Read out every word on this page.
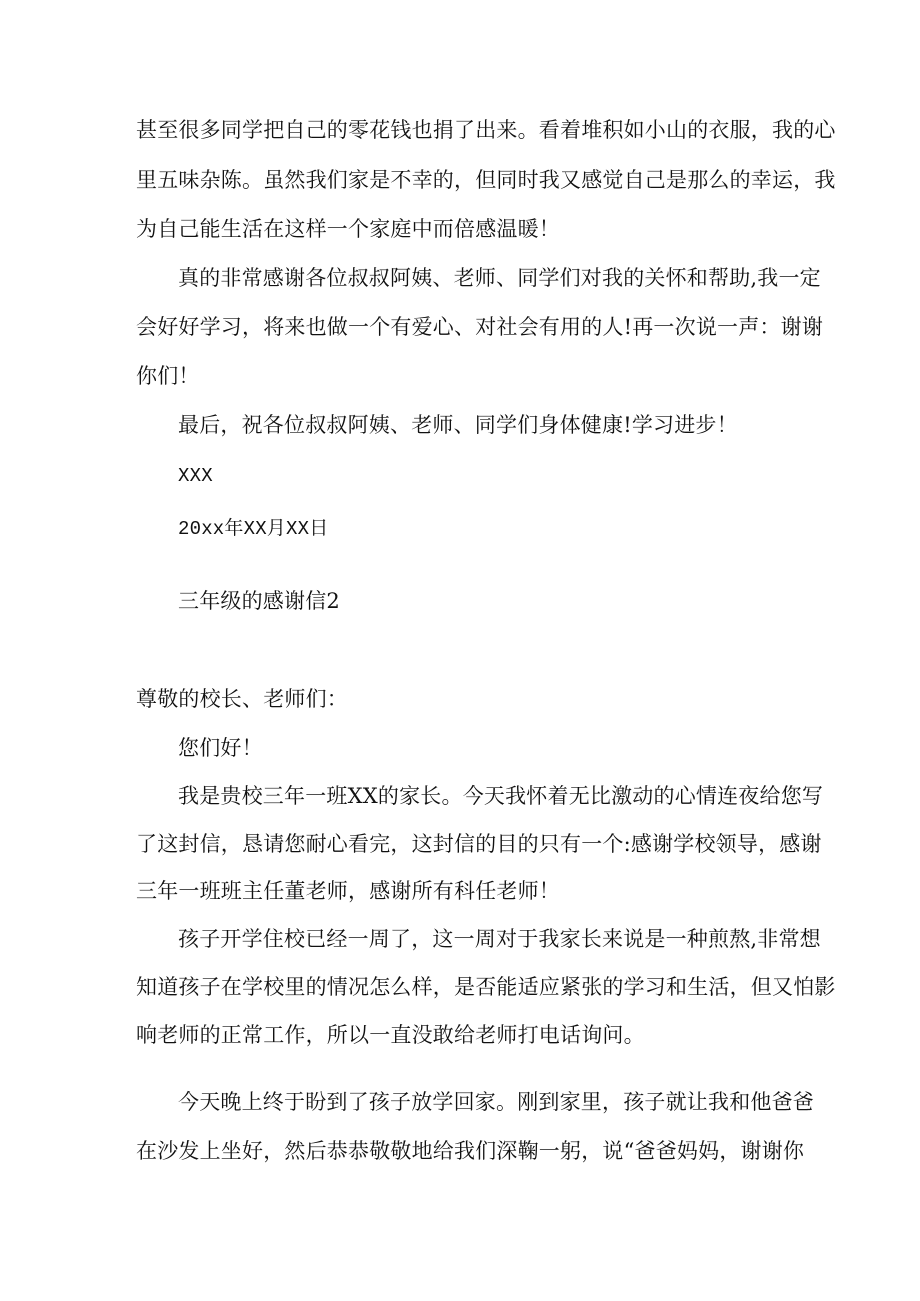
甚至很多同学把自己的零花钱也捐了出来。看着堆积如小山的衣服，我的心
里五味杂陈。虽然我们家是不幸的，但同时我又感觉自己是那么的幸运，我
为自己能生活在这样一个家庭中而倍感温暖！
真的非常感谢各位叔叔阿姨、老师、同学们对我的关怀和帮助,我一定
会好好学习，将来也做一个有爱心、对社会有用的人!再一次说一声：谢谢
你们！
最后，祝各位叔叔阿姨、老师、同学们身体健康!学习进步！
XXX
20xx年XX月XX日
三年级的感谢信2
尊敬的校长、老师们：
您们好！
我是贵校三年一班XX的家长。今天我怀着无比激动的心情连夜给您写
了这封信，恳请您耐心看完，这封信的目的只有一个:感谢学校领导，感谢
三年一班班主任董老师，感谢所有科任老师！
孩子开学住校已经一周了，这一周对于我家长来说是一种煎熬,非常想
知道孩子在学校里的情况怎么样，是否能适应紧张的学习和生活，但又怕影
响老师的正常工作，所以一直没敢给老师打电话询问。
今天晚上终于盼到了孩子放学回家。刚到家里，孩子就让我和他爸爸
在沙发上坐好，然后恭恭敬敬地给我们深鞠一躬，说“爸爸妈妈，谢谢你
